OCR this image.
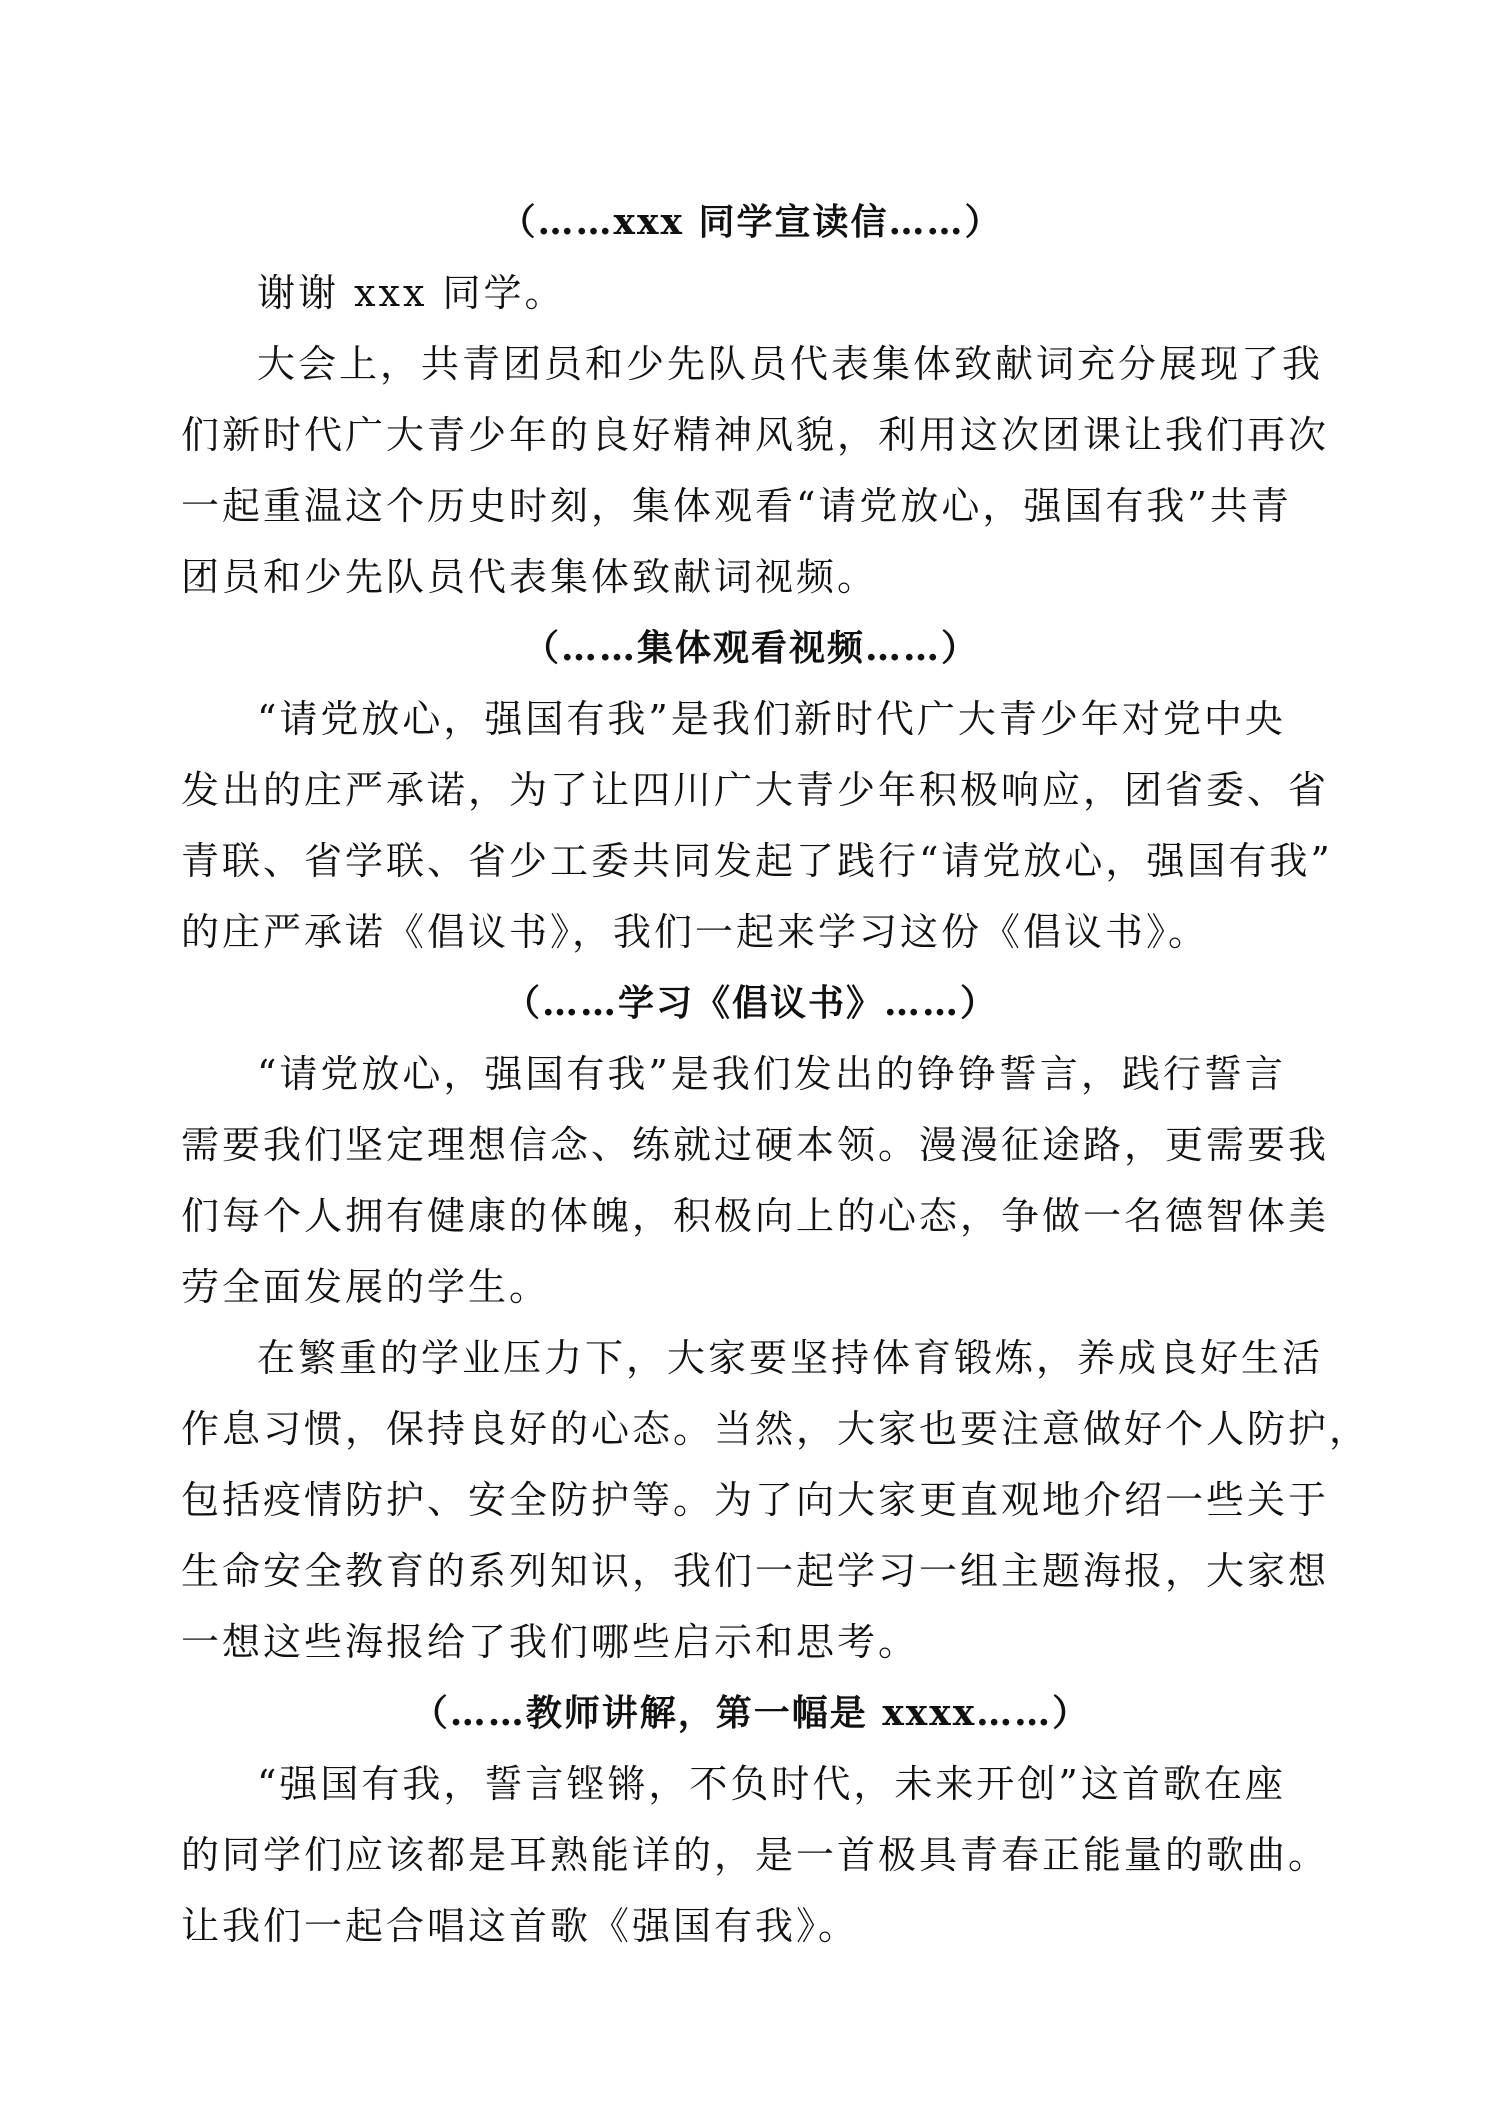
（……xxx 同学宣读信……）

谢谢 xxx 同学。

大会上，共青团员和少先队员代表集体致献词充分展现了我
们新时代广大青少年的良好精神风貌，利用这次团课让我们再次
一起重温这个历史时刻，集体观看“请党放心，强国有我”共青
团员和少先队员代表集体致献词视频。

（……集体观看视频……）

“请党放心，强国有我”是我们新时代广大青少年对党中央
发出的庄严承诺，为了让四川广大青少年积极响应，团省委、省
青联、省学联、省少工委共同发起了践行“请党放心，强国有我”
的庄严承诺《倡议书》，我们一起来学习这份《倡议书》。

（……学习《倡议书》……）

“请党放心，强国有我”是我们发出的铮铮誓言，践行誓言
需要我们坚定理想信念、练就过硬本领。漫漫征途路，更需要我
们每个人拥有健康的体魄，积极向上的心态，争做一名德智体美
劳全面发展的学生。

在繁重的学业压力下，大家要坚持体育锻炼，养成良好生活
作息习惯，保持良好的心态。当然，大家也要注意做好个人防护，
包括疫情防护、安全防护等。为了向大家更直观地介绍一些关于
生命安全教育的系列知识，我们一起学习一组主题海报，大家想
一想这些海报给了我们哪些启示和思考。

（……教师讲解，第一幅是 xxxx……）

“强国有我，誓言铿锵，不负时代，未来开创”这首歌在座
的同学们应该都是耳熟能详的，是一首极具青春正能量的歌曲。
让我们一起合唱这首歌《强国有我》。
